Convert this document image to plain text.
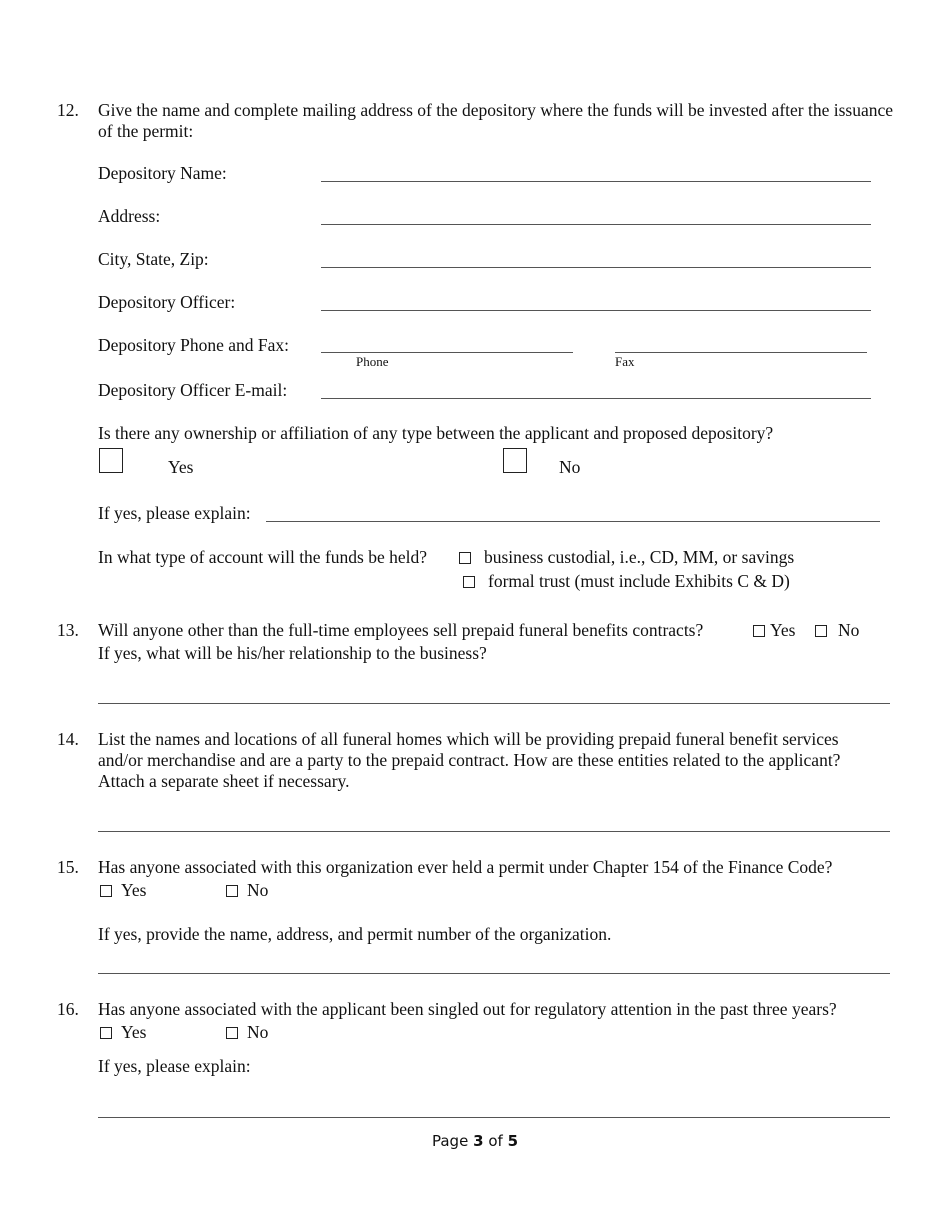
12. Give the name and complete mailing address of the depository where the funds will be invested after the issuance of the permit:
Depository Name:
Address:
City, State, Zip:
Depository Officer:
Depository Phone and Fax:
Phone	Fax
Depository Officer E-mail:
Is there any ownership or affiliation of any type between the applicant and proposed depository?
Yes	No
If yes, please explain:
In what type of account will the funds be held?	business custodial, i.e., CD, MM, or savings
formal trust (must include Exhibits C & D)
13. Will anyone other than the full-time employees sell prepaid funeral benefits contracts?	Yes	No
If yes, what will be his/her relationship to the business?
14. List the names and locations of all funeral homes which will be providing prepaid funeral benefit services
and/or merchandise and are a party to the prepaid contract. How are these entities related to the applicant?
Attach a separate sheet if necessary.
15. Has anyone associated with this organization ever held a permit under Chapter 154 of the Finance Code?
Yes	No
If yes, provide the name, address, and permit number of the organization.
16. Has anyone associated with the applicant been singled out for regulatory attention in the past three years?
Yes	No
If yes, please explain:
Page 3 of 5
